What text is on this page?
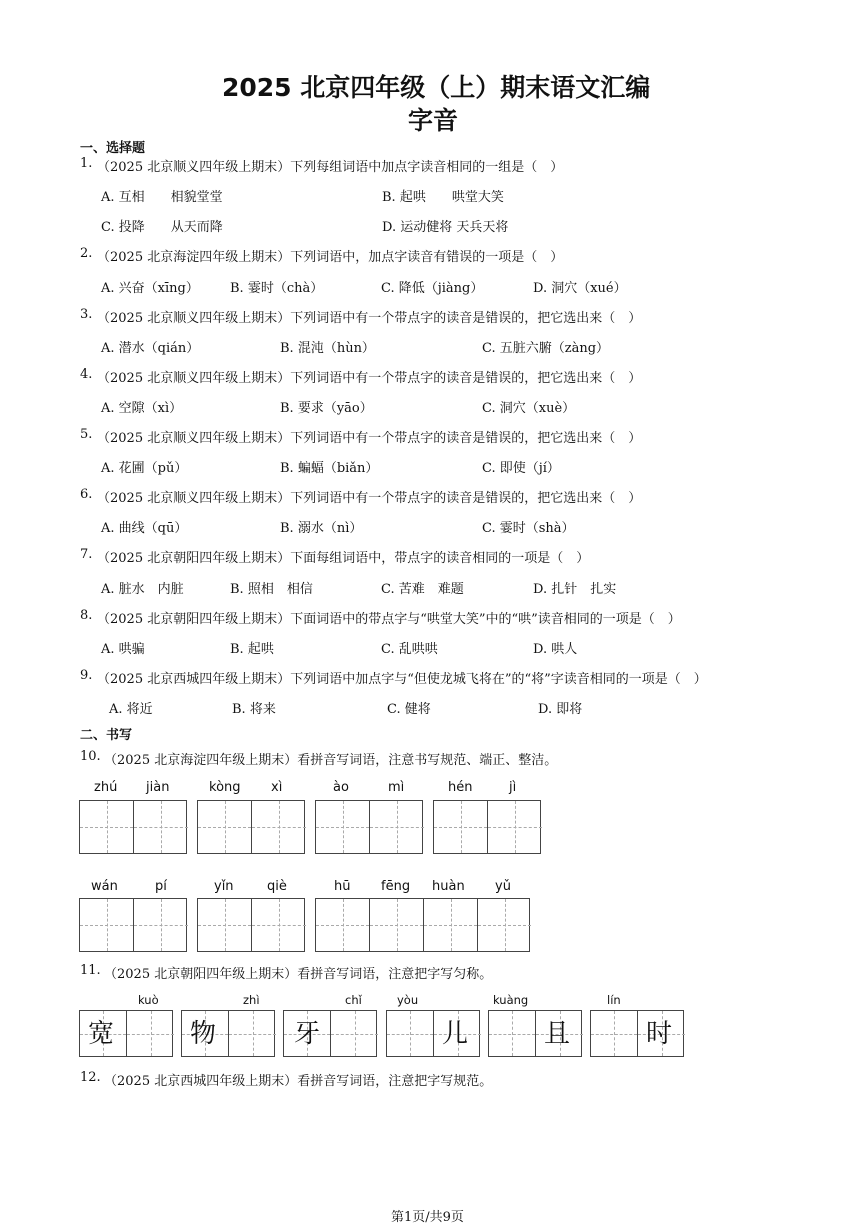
2025 北京四年级（上）期末语文汇编
字音
一、选择题
1. （2025 北京顺义四年级上期末）下列每组词语中加点字读音相同的一组是（　）
A. 互相　　相貌堂堂	B. 起哄　　哄堂大笑
C. 投降　　从天而降	D. 运动健将 天兵天将
2. （2025 北京海淀四年级上期末）下列词语中，加点字读音有错误的一项是（　）
A. 兴奋（xīng） B. 霎时（chà）	C. 降低（jiàng）	D. 洞穴（xué）
3. （2025 北京顺义四年级上期末）下列词语中有一个带点字的读音是错误的，把它选出来（　）
A. 潜水（qián）	B. 混沌（hùn）	C. 五脏六腑（zàng）
4. （2025 北京顺义四年级上期末）下列词语中有一个带点字的读音是错误的，把它选出来（　）
A. 空隙（xì）	B. 要求（yāo）	C. 洞穴（xuè）
5. （2025 北京顺义四年级上期末）下列词语中有一个带点字的读音是错误的，把它选出来（　）
A. 花圃（pǔ）	B. 蝙蝠（biǎn）	C. 即使（jí）
6. （2025 北京顺义四年级上期末）下列词语中有一个带点字的读音是错误的，把它选出来（　）
A. 曲线（qū）	B. 溺水（nì）	C. 霎时（shà）
7. （2025 北京朝阳四年级上期末）下面每组词语中，带点字的读音相同的一项是（　）
A. 脏水　内脏	B. 照相　相信	C. 苦难　难题	D. 扎针　扎实
8. （2025 北京朝阳四年级上期末）下面词语中的带点字与“哄堂大笑”中的“哄”读音相同的一项是（　）
A. 哄骗	B. 起哄	C. 乱哄哄	D. 哄人
9. （2025 北京西城四年级上期末）下列词语中加点字与“但使龙城飞将在”的“将”字读音相同的一项是（　）
A. 将近	B. 将来	C. 健将	D. 即将
二、书写
10. （2025 北京海淀四年级上期末）看拼音写词语，注意书写规范、端正、整洁。
zhú jiàn	kòng xì	ào	mì	hén	jì
wán	pí	yǐn	qiè	hū fēng huàn yǔ
11. （2025 北京朝阳四年级上期末）看拼音写词语，注意把字写匀称。
kuò	zhì	chǐ	yòu	kuàng	lín
宽	物	牙	儿	且	时
12. （2025 北京西城四年级上期末）看拼音写词语，注意把字写规范。
第1页/共9页
